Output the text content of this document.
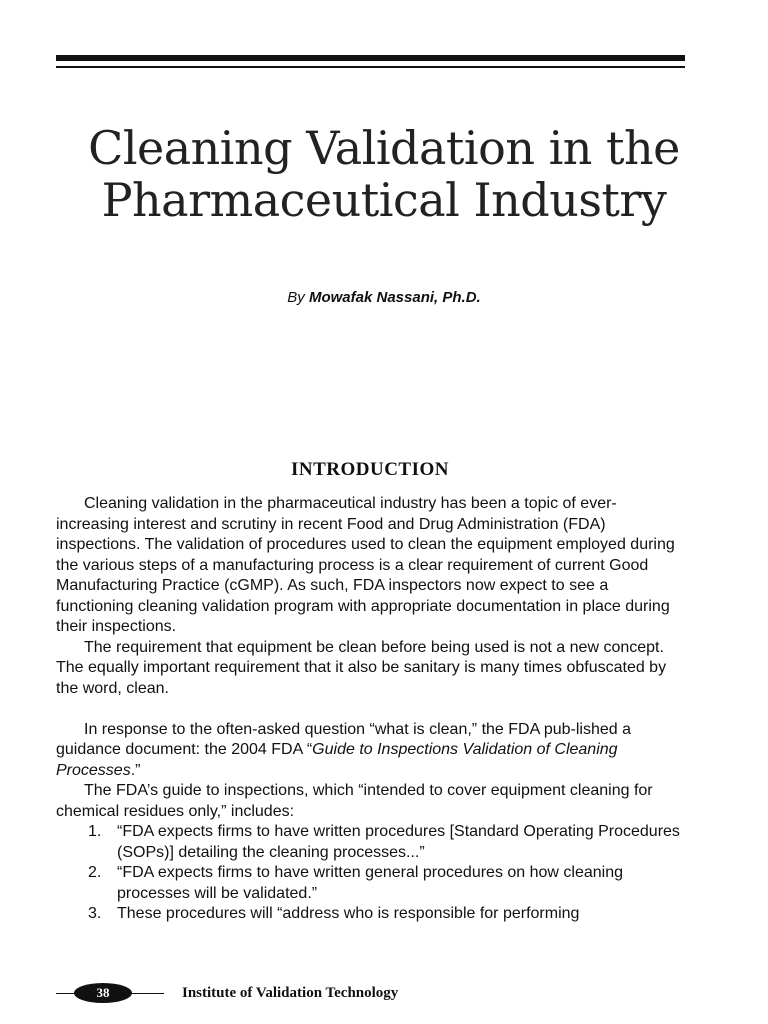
Cleaning Validation in the
Pharmaceutical Industry
By Mowafak Nassani, Ph.D.
INTRODUCTION

Cleaning validation in the pharmaceutical industry has been a topic of ever-increasing interest and scrutiny in recent Food and Drug Administration (FDA) inspections. The validation of procedures used to clean the equipment employed during the various steps of a manufacturing process is a clear requirement of current Good Manufacturing Practice (cGMP). As such, FDA inspectors now expect to see a functioning cleaning validation program with appropriate documentation in place during their inspections.

The requirement that equipment be clean before being used is not a new concept. The equally important requirement that it also be sanitary is many times obfuscated by the word, clean.

In response to the often-asked question “what is clean,” the FDA pub-lished a guidance document: the 2004 FDA “Guide to Inspections Validation of Cleaning Processes.”

The FDA’s guide to inspections, which “intended to cover equipment cleaning for chemical residues only,” includes:

1. “FDA expects firms to have written procedures [Standard Operating Procedures (SOPs)] detailing the cleaning processes...”
2. “FDA expects firms to have written general procedures on how cleaning processes will be validated.”
3. These procedures will “address who is responsible for performing
38	Institute of Validation Technology
